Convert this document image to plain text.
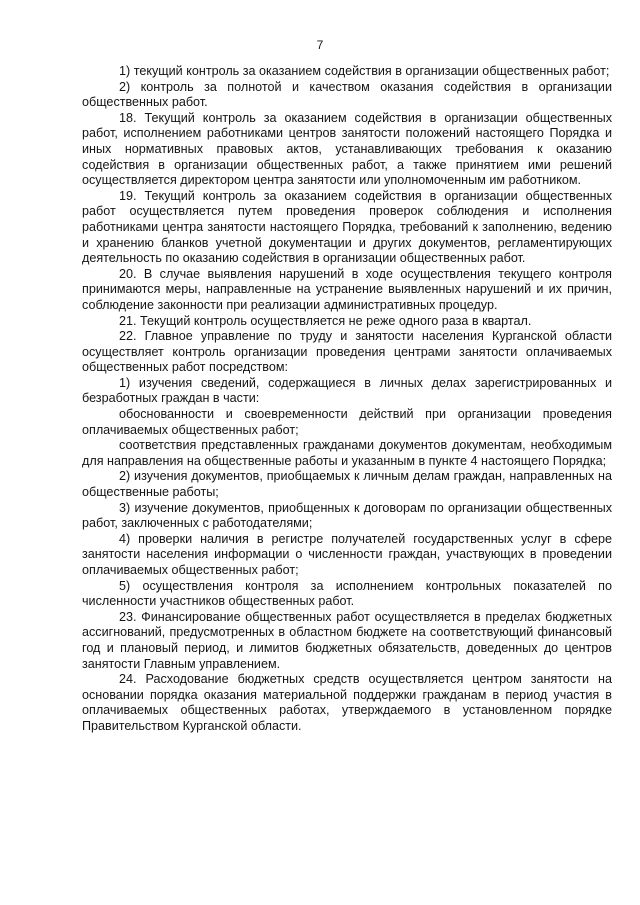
7

1) текущий контроль за оказанием содействия в организации общественных работ;

2) контроль за полнотой и качеством оказания содействия в организации общественных работ.

18. Текущий контроль за оказанием содействия в организации общественных работ, исполнением работниками центров занятости положений настоящего Порядка и иных нормативных правовых актов, устанавливающих требования к оказанию содействия в организации общественных работ, а также принятием ими решений осуществляется директором центра занятости или уполномоченным им работником.

19. Текущий контроль за оказанием содействия в организации общественных работ осуществляется путем проведения проверок соблюдения и исполнения работниками центра занятости настоящего Порядка, требований к заполнению, ведению и хранению бланков учетной документации и других документов, регламентирующих деятельность по оказанию содействия в организации общественных работ.

20. В случае выявления нарушений в ходе осуществления текущего контроля принимаются меры, направленные на устранение выявленных нарушений и их причин, соблюдение законности при реализации административных процедур.

21. Текущий контроль осуществляется не реже одного раза в квартал.

22. Главное управление по труду и занятости населения Курганской области осуществляет контроль организации проведения центрами занятости оплачиваемых общественных работ посредством:

1) изучения сведений, содержащиеся в личных делах зарегистрированных и безработных граждан в части:

обоснованности и своевременности действий при организации проведения оплачиваемых общественных работ;

соответствия представленных гражданами документов документам, необходимым для направления на общественные работы и указанным в пункте 4 настоящего Порядка;

2) изучения документов, приобщаемых к личным делам граждан, направленных на общественные работы;

3) изучение документов, приобщенных к договорам по организации общественных работ, заключенных с работодателями;

4) проверки наличия в регистре получателей государственных услуг в сфере занятости населения информации о численности граждан, участвующих в проведении оплачиваемых общественных работ;

5) осуществления контроля за исполнением контрольных показателей по численности участников общественных работ.

23. Финансирование общественных работ осуществляется в пределах бюджетных ассигнований, предусмотренных в областном бюджете на соответствующий финансовый год и плановый период, и лимитов бюджетных обязательств, доведенных до центров занятости Главным управлением.

24. Расходование бюджетных средств осуществляется центром занятости на основании порядка оказания материальной поддержки гражданам в период участия в оплачиваемых общественных работах, утверждаемого в установленном порядке Правительством Курганской области.
